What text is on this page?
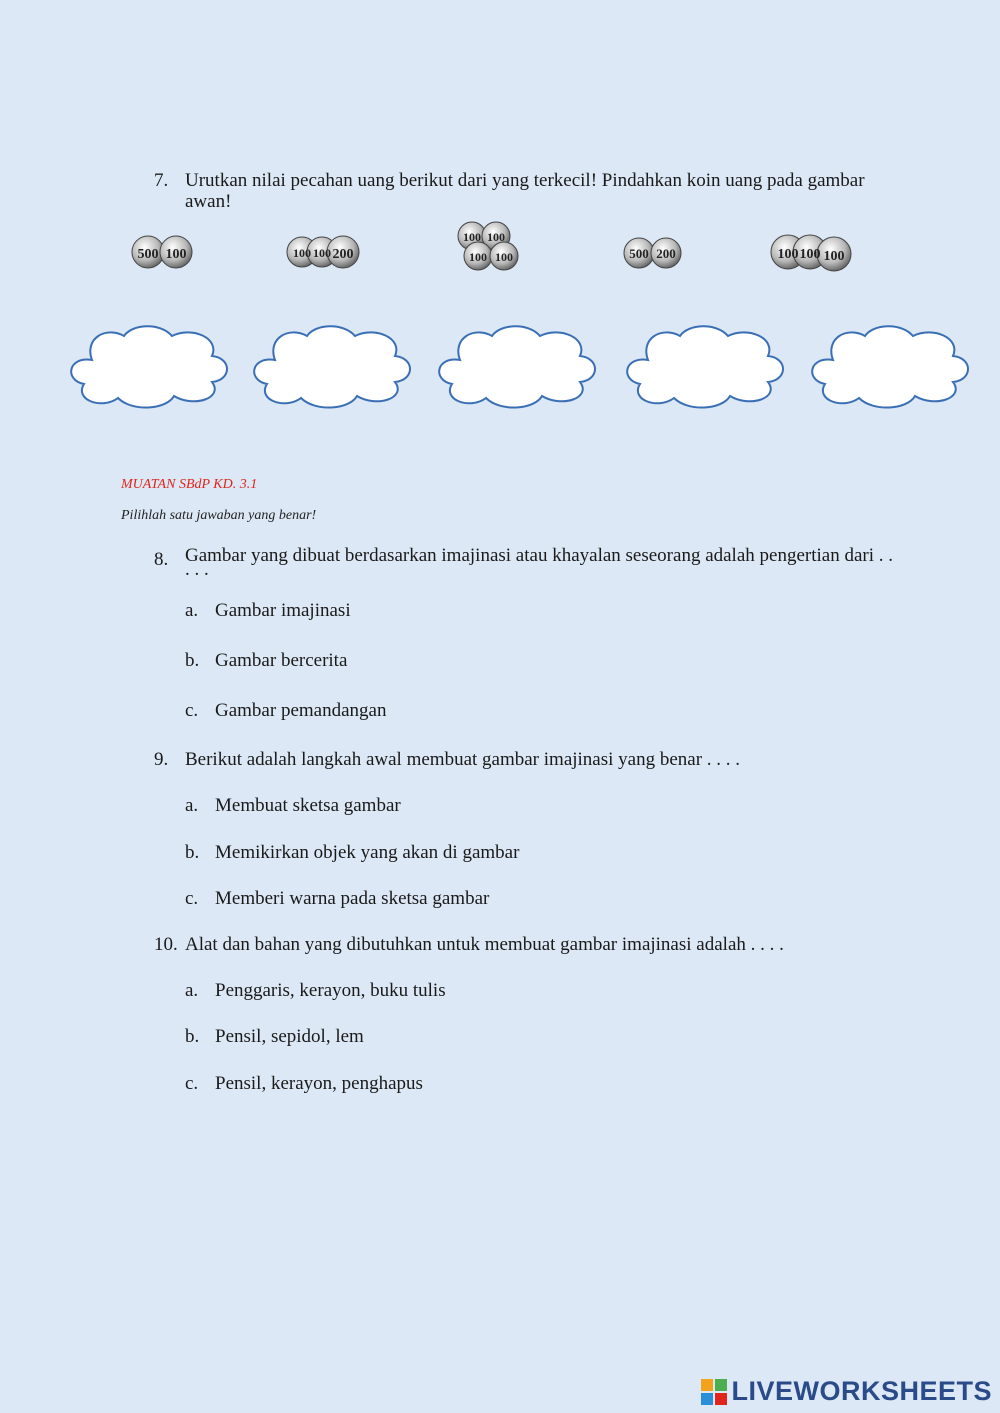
7. Urutkan nilai pecahan uang berikut dari yang terkecil! Pindahkan koin uang pada gambar awan!
500 100	100 100 200
100 100
100 100	500 200	100 100 100
MUATAN SBdP KD. 3.1
Pilihlah satu jawaban yang benar!
8. Gambar yang dibuat berdasarkan imajinasi atau khayalan seseorang adalah pengertian dari . . . . .
a. Gambar imajinasi
b. Gambar bercerita
c. Gambar pemandangan
9. Berikut adalah langkah awal membuat gambar imajinasi yang benar . . . .
a. Membuat sketsa gambar
b. Memikirkan objek yang akan di gambar
c. Memberi warna pada sketsa gambar
10. Alat dan bahan yang dibutuhkan untuk membuat gambar imajinasi adalah . . . .
a. Penggaris, kerayon, buku tulis
b. Pensil, sepidol, lem
c. Pensil, kerayon, penghapus
LIVEWORKSHEETS
